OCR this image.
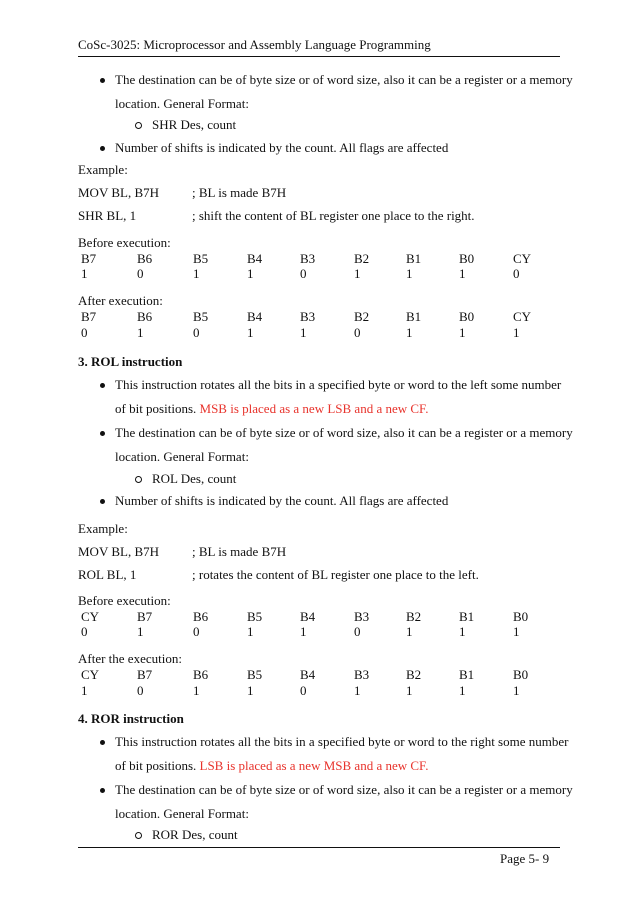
CoSc-3025: Microprocessor and Assembly Language Programming
The destination can be of byte size or of word size, also it can be a register or a memory
location. General Format:
SHR Des, count
Number of shifts is indicated by the count. All flags are affected
Example:
MOV BL, B7H	; BL is made B7H
SHR BL, 1	; shift the content of BL register one place to the right.
Before execution:
B7	B6	B5	B4	B3	B2	B1	B0	CY
1	0	1	1	0	1	1	1	0
After execution:
B7	B6	B5	B4	B3	B2	B1	B0	CY
0	1	0	1	1	0	1	1	1
3. ROL instruction
This instruction rotates all the bits in a specified byte or word to the left some number
of bit positions. MSB is placed as a new LSB and a new CF.
The destination can be of byte size or of word size, also it can be a register or a memory
location. General Format:
ROL Des, count
Number of shifts is indicated by the count. All flags are affected
Example:
MOV BL, B7H	; BL is made B7H
ROL BL, 1	; rotates the content of BL register one place to the left.
Before execution:
CY	B7	B6	B5	B4	B3	B2	B1	B0
0	1	0	1	1	0	1	1	1
After the execution:
CY	B7	B6	B5	B4	B3	B2	B1	B0
1	0	1	1	0	1	1	1	1
4. ROR instruction
This instruction rotates all the bits in a specified byte or word to the right some number
of bit positions. LSB is placed as a new MSB and a new CF.
The destination can be of byte size or of word size, also it can be a register or a memory
location. General Format:
ROR Des, count
Page 5- 9
